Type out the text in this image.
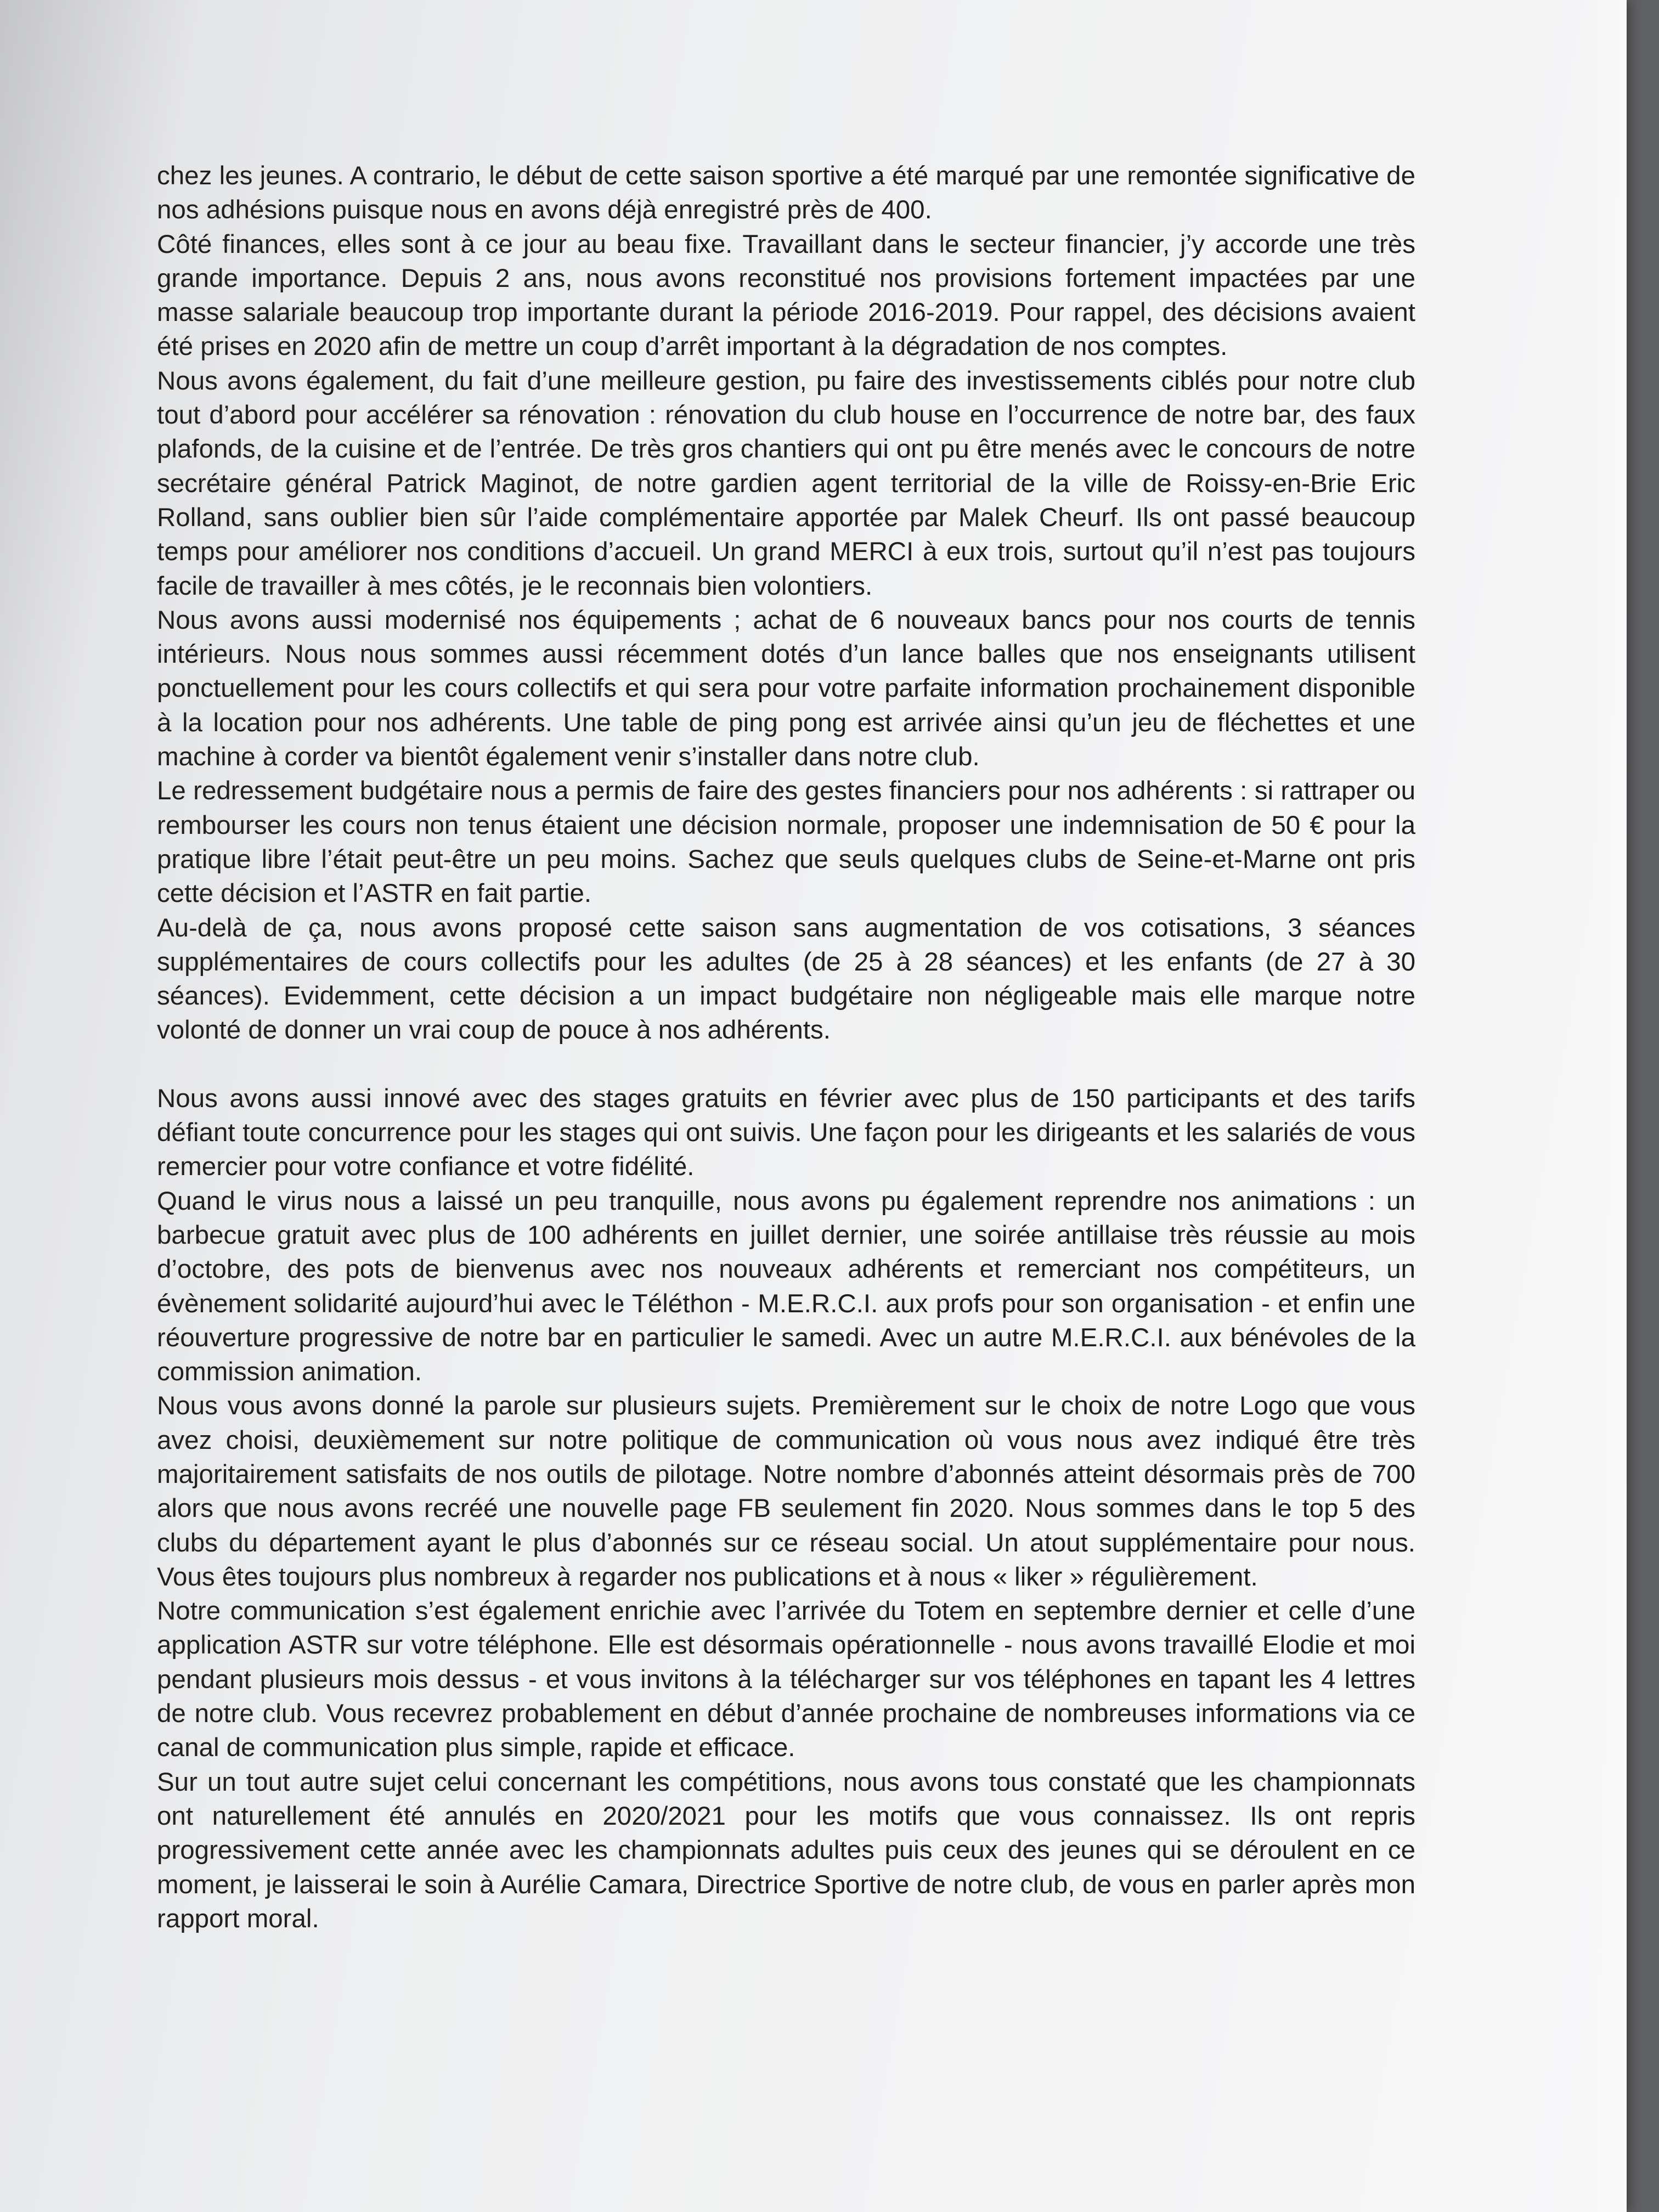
chez les jeunes. A contrario, le début de cette saison sportive a été marqué par une remontée significative de nos adhésions puisque nous en avons déjà enregistré près de 400.

Côté finances, elles sont à ce jour au beau fixe. Travaillant dans le secteur financier, j’y accorde une très grande importance. Depuis 2 ans, nous avons reconstitué nos provisions fortement impactées par une masse salariale beaucoup trop importante durant la période 2016-2019. Pour rappel, des décisions avaient été prises en 2020 afin de mettre un coup d’arrêt important à la dégradation de nos comptes.

Nous avons également, du fait d’une meilleure gestion, pu faire des investissements ciblés pour notre club tout d’abord pour accélérer sa rénovation : rénovation du club house en l’occurrence de notre bar, des faux plafonds, de la cuisine et de l’entrée. De très gros chantiers qui ont pu être menés avec le concours de notre secrétaire général Patrick Maginot, de notre gardien agent territorial de la ville de Roissy-en-Brie Eric Rolland, sans oublier bien sûr l’aide complémentaire apportée par Malek Cheurf. Ils ont passé beaucoup temps pour améliorer nos conditions d’accueil. Un grand MERCI à eux trois, surtout qu’il n’est pas toujours facile de travailler à mes côtés, je le reconnais bien volontiers.

Nous avons aussi modernisé nos équipements ; achat de 6 nouveaux bancs pour nos courts de tennis intérieurs. Nous nous sommes aussi récemment dotés d’un lance balles que nos enseignants utilisent ponctuellement pour les cours collectifs et qui sera pour votre parfaite information prochainement disponible à la location pour nos adhérents. Une table de ping pong est arrivée ainsi qu’un jeu de fléchettes et une machine à corder va bientôt également venir s’installer dans notre club.

Le redressement budgétaire nous a permis de faire des gestes financiers pour nos adhérents : si rattraper ou rembourser les cours non tenus étaient une décision normale, proposer une indemnisation de 50 € pour la pratique libre l’était peut-être un peu moins. Sachez que seuls quelques clubs de Seine-et-Marne ont pris cette décision et l’ASTR en fait partie.

Au-delà de ça, nous avons proposé cette saison sans augmentation de vos cotisations, 3 séances supplémentaires de cours collectifs pour les adultes (de 25 à 28 séances) et les enfants (de 27 à 30 séances). Evidemment, cette décision a un impact budgétaire non négligeable mais elle marque notre volonté de donner un vrai coup de pouce à nos adhérents.

Nous avons aussi innové avec des stages gratuits en février avec plus de 150 participants et des tarifs défiant toute concurrence pour les stages qui ont suivis. Une façon pour les dirigeants et les salariés de vous remercier pour votre confiance et votre fidélité.

Quand le virus nous a laissé un peu tranquille, nous avons pu également reprendre nos animations : un barbecue gratuit avec plus de 100 adhérents en juillet dernier, une soirée antillaise très réussie au mois d’octobre, des pots de bienvenus avec nos nouveaux adhérents et remerciant nos compétiteurs, un évènement solidarité aujourd’hui avec le Téléthon - M.E.R.C.I. aux profs pour son organisation - et enfin une réouverture progressive de notre bar en particulier le samedi. Avec un autre M.E.R.C.I. aux bénévoles de la commission animation.

Nous vous avons donné la parole sur plusieurs sujets. Premièrement sur le choix de notre Logo que vous avez choisi, deuxièmement sur notre politique de communication où vous nous avez indiqué être très majoritairement satisfaits de nos outils de pilotage. Notre nombre d’abonnés atteint désormais près de 700 alors que nous avons recréé une nouvelle page FB seulement fin 2020. Nous sommes dans le top 5 des clubs du département ayant le plus d’abonnés sur ce réseau social. Un atout supplémentaire pour nous. Vous êtes toujours plus nombreux à regarder nos publications et à nous « liker » régulièrement.

Notre communication s’est également enrichie avec l’arrivée du Totem en septembre dernier et celle d’une application ASTR sur votre téléphone. Elle est désormais opérationnelle - nous avons travaillé Elodie et moi pendant plusieurs mois dessus - et vous invitons à la télécharger sur vos téléphones en tapant les 4 lettres de notre club. Vous recevrez probablement en début d’année prochaine de nombreuses informations via ce canal de communication plus simple, rapide et efficace.

Sur un tout autre sujet celui concernant les compétitions, nous avons tous constaté que les championnats ont naturellement été annulés en 2020/2021 pour les motifs que vous connaissez. Ils ont repris progressivement cette année avec les championnats adultes puis ceux des jeunes qui se déroulent en ce moment, je laisserai le soin à Aurélie Camara, Directrice Sportive de notre club, de vous en parler après mon rapport moral.
